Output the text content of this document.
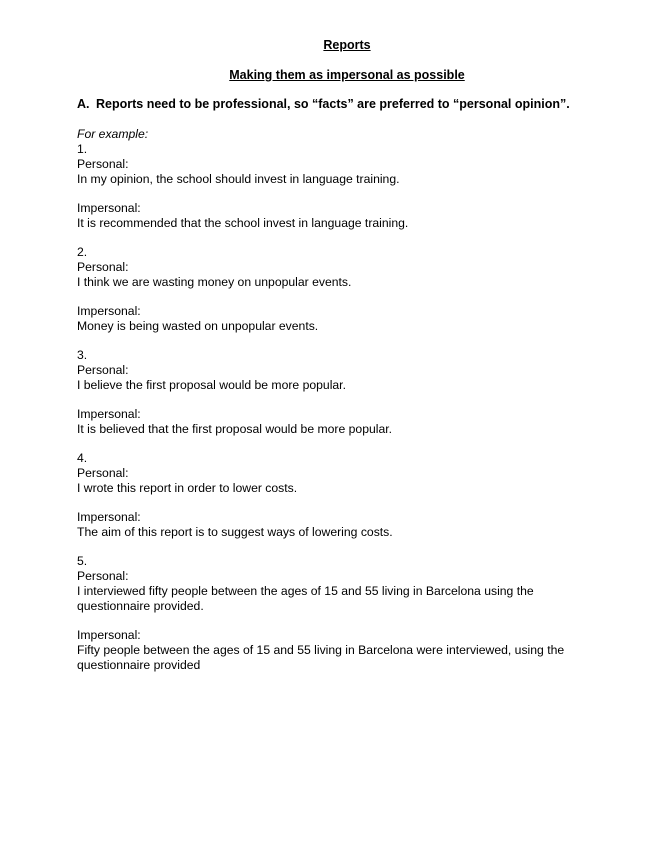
Reports
Making them as impersonal as possible
A. Reports need to be professional, so “facts” are preferred to “personal opinion”.
For example:
1.
Personal:
In my opinion, the school should invest in language training.
Impersonal:
It is recommended that the school invest in language training.
2.
Personal:
I think we are wasting money on unpopular events.
Impersonal:
Money is being wasted on unpopular events.
3.
Personal:
I believe the first proposal would be more popular.
Impersonal:
It is believed that the first proposal would be more popular.
4.
Personal:
I wrote this report in order to lower costs.
Impersonal:
The aim of this report is to suggest ways of lowering costs.
5.
Personal:
I interviewed fifty people between the ages of 15 and 55 living in Barcelona using the questionnaire provided.
Impersonal:
Fifty people between the ages of 15 and 55 living in Barcelona were interviewed, using the questionnaire provided
